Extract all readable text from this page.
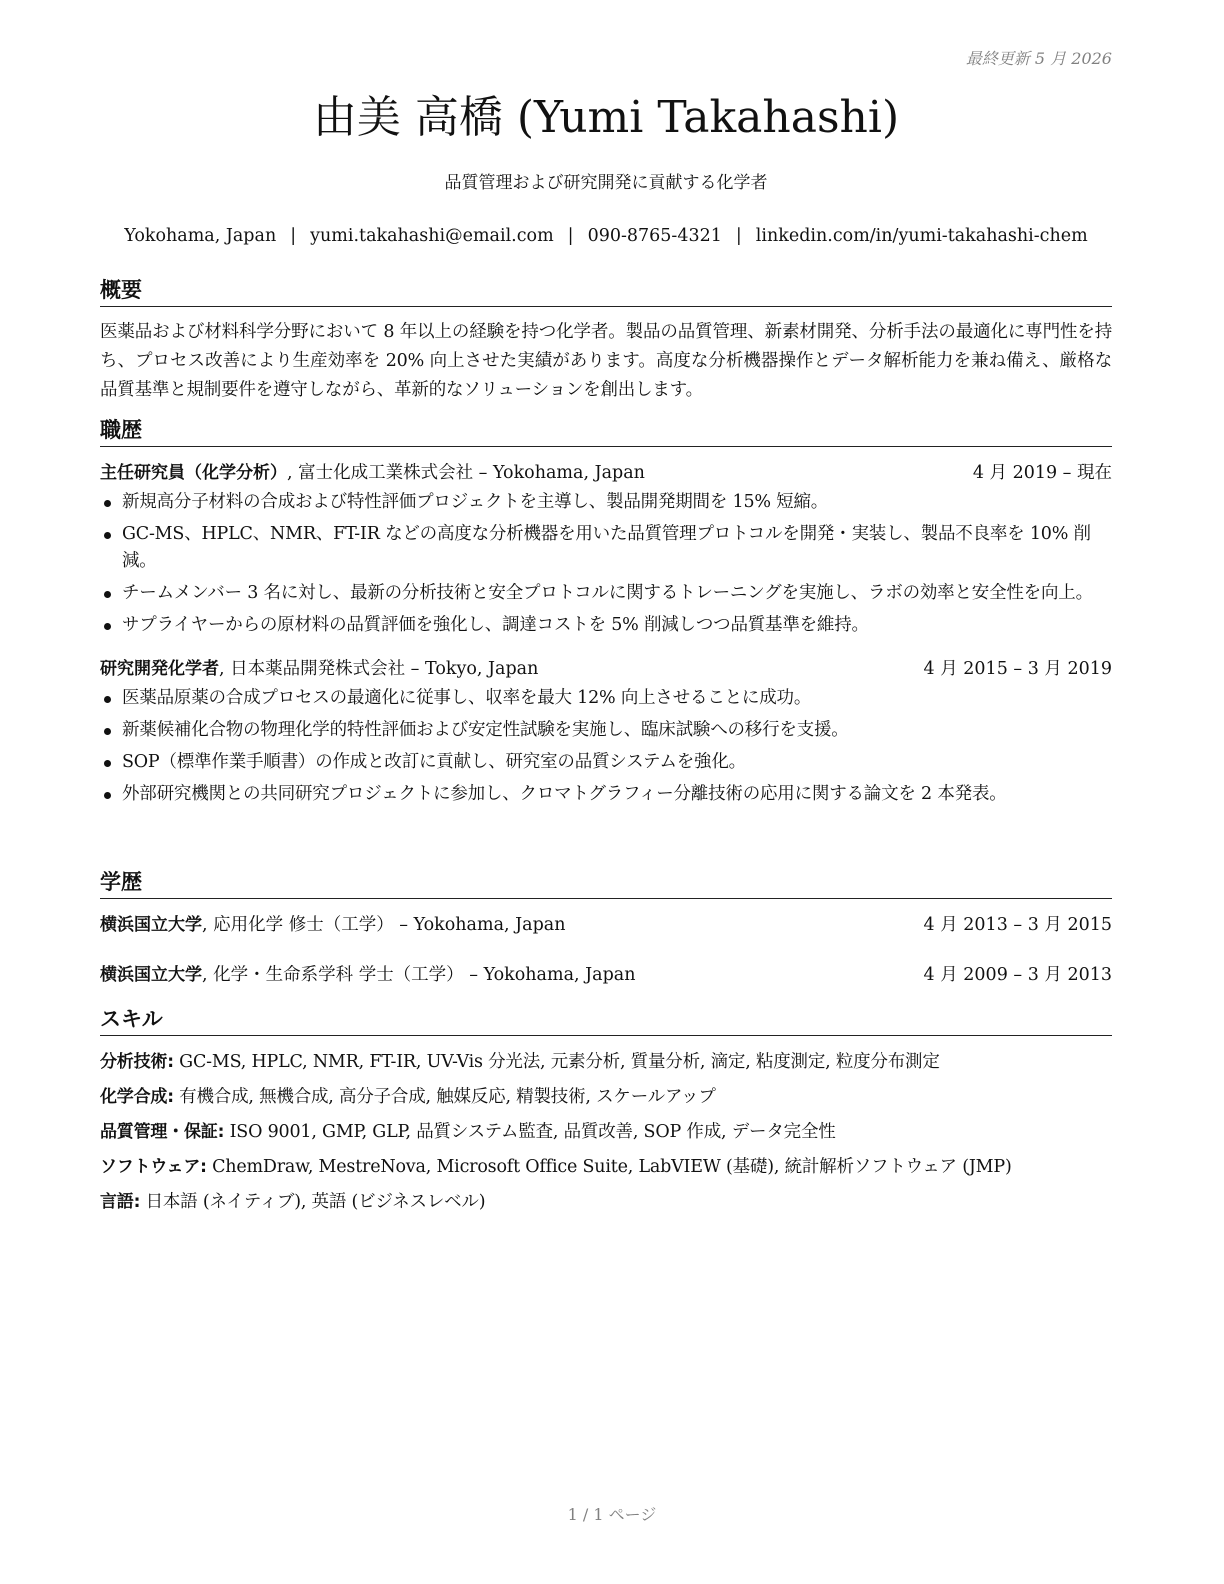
最終更新 5 月 2026
由美 高橋 (Yumi Takahashi)
品質管理および研究開発に貢献する化学者
Yokohama, Japan | yumi.takahashi@email.com | 090-8765-4321 | linkedin.com/in/yumi-takahashi-chem
概要

医薬品および材料科学分野において 8 年以上の経験を持つ化学者。製品の品質管理、新素材開発、分析手法の最適化に専門性を持ち、プロセス改善により生産効率を 20% 向上させた実績があります。高度な分析機器操作とデータ解析能力を兼ね備え、厳格な品質基準と規制要件を遵守しながら、革新的なソリューションを創出します。

職歴
主任研究員（化学分析）, 富士化成工業株式会社 – Yokohama, Japan	4 月 2019 – 現在
新規高分子材料の合成および特性評価プロジェクトを主導し、製品開発期間を 15% 短縮。
GC-MS、HPLC、NMR、FT-IR などの高度な分析機器を用いた品質管理プロトコルを開発・実装し、製品不良率を 10% 削減。
チームメンバー 3 名に対し、最新の分析技術と安全プロトコルに関するトレーニングを実施し、ラボの効率と安全性を向上。
サプライヤーからの原材料の品質評価を強化し、調達コストを 5% 削減しつつ品質基準を維持。
研究開発化学者, 日本薬品開発株式会社 – Tokyo, Japan	4 月 2015 – 3 月 2019
医薬品原薬の合成プロセスの最適化に従事し、収率を最大 12% 向上させることに成功。
新薬候補化合物の物理化学的特性評価および安定性試験を実施し、臨床試験への移行を支援。
SOP（標準作業手順書）の作成と改訂に貢献し、研究室の品質システムを強化。
外部研究機関との共同研究プロジェクトに参加し、クロマトグラフィー分離技術の応用に関する論文を 2 本発表。
学歴
横浜国立大学, 応用化学 修士（工学） – Yokohama, Japan	4 月 2013 – 3 月 2015
横浜国立大学, 化学・生命系学科 学士（工学） – Yokohama, Japan	4 月 2009 – 3 月 2013
スキル
分析技術: GC-MS, HPLC, NMR, FT-IR, UV-Vis 分光法, 元素分析, 質量分析, 滴定, 粘度測定, 粒度分布測定
化学合成: 有機合成, 無機合成, 高分子合成, 触媒反応, 精製技術, スケールアップ
品質管理・保証: ISO 9001, GMP, GLP, 品質システム監査, 品質改善, SOP 作成, データ完全性
ソフトウェア: ChemDraw, MestreNova, Microsoft Office Suite, LabVIEW (基礎), 統計解析ソフトウェア (JMP)
言語: 日本語 (ネイティブ), 英語 (ビジネスレベル)
1 / 1 ページ
